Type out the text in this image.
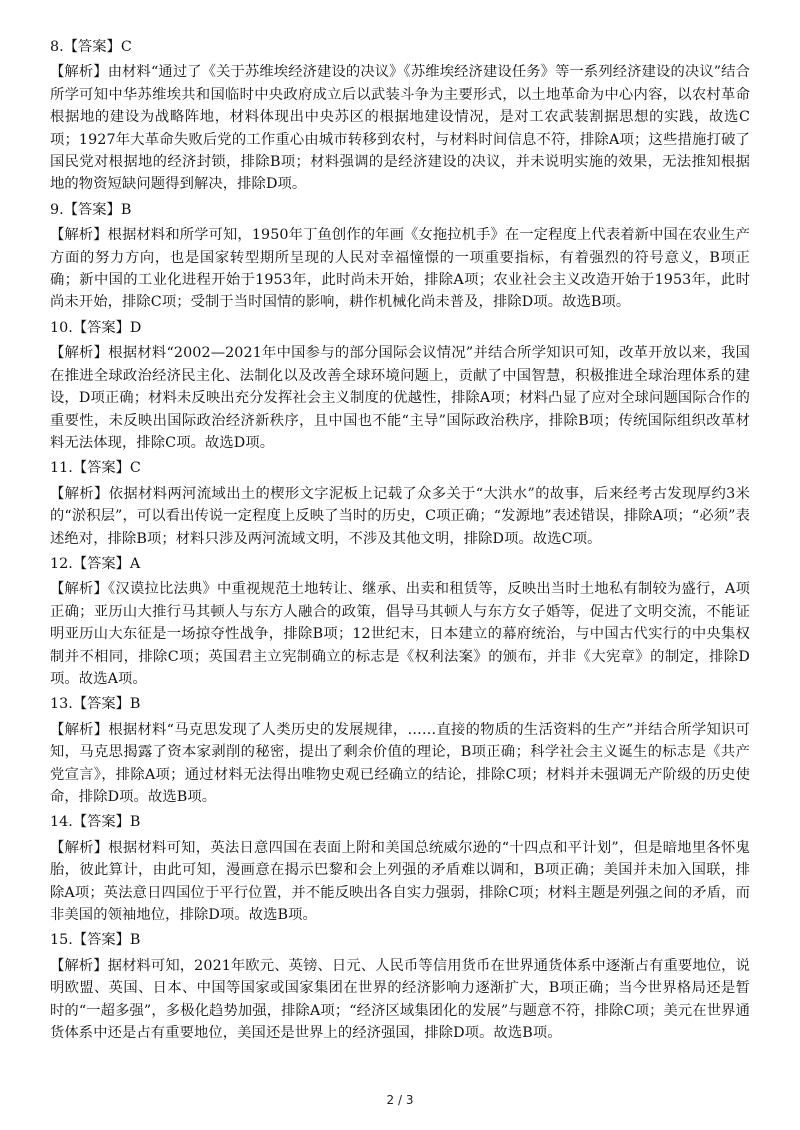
8.【答案】C

【解析】由材料“通过了《关于苏维埃经济建设的决议》《苏维埃经济建设任务》等一系列经济建设的决议”结合所学可知中华苏维埃共和国临时中央政府成立后以武装斗争为主要形式，以土地革命为中心内容，以农村革命根据地的建设为战略阵地，材料体现出中央苏区的根据地建设情况，是对工农武装割据思想的实践，故选C项；1927年大革命失败后党的工作重心由城市转移到农村，与材料时间信息不符，排除A项；这些措施打破了国民党对根据地的经济封锁，排除B项；材料强调的是经济建设的决议，并未说明实施的效果，无法推知根据地的物资短缺问题得到解决，排除D项。

9.【答案】B

【解析】根据材料和所学可知，1950年丁鱼创作的年画《女拖拉机手》在一定程度上代表着新中国在农业生产方面的努力方向，也是国家转型期所呈现的人民对幸福憧憬的一项重要指标，有着强烈的符号意义，B项正确；新中国的工业化进程开始于1953年，此时尚未开始，排除A项；农业社会主义改造开始于1953年，此时尚未开始，排除C项；受制于当时国情的影响，耕作机械化尚未普及，排除D项。故选B项。

10.【答案】D

【解析】根据材料“2002—2021年中国参与的部分国际会议情况”并结合所学知识可知，改革开放以来，我国在推进全球政治经济民主化、法制化以及改善全球环境问题上，贡献了中国智慧，积极推进全球治理体系的建设，D项正确；材料未反映出充分发挥社会主义制度的优越性，排除A项；材料凸显了应对全球问题国际合作的重要性，未反映出国际政治经济新秩序，且中国也不能“主导”国际政治秩序，排除B项；传统国际组织改革材料无法体现，排除C项。故选D项。

11.【答案】C

【解析】依据材料两河流域出土的楔形文字泥板上记载了众多关于“大洪水”的故事，后来经考古发现厚约3米的“淤积层”，可以看出传说一定程度上反映了当时的历史，C项正确；“发源地”表述错误，排除A项；“必须”表述绝对，排除B项；材料只涉及两河流域文明，不涉及其他文明，排除D项。故选C项。

12.【答案】A

【解析】《汉谟拉比法典》中重视规范土地转让、继承、出卖和租赁等，反映出当时土地私有制较为盛行，A项正确；亚历山大推行马其顿人与东方人融合的政策，倡导马其顿人与东方女子婚等，促进了文明交流，不能证明亚历山大东征是一场掠夺性战争，排除B项；12世纪末，日本建立的幕府统治，与中国古代实行的中央集权制并不相同，排除C项；英国君主立宪制确立的标志是《权利法案》的颁布，并非《大宪章》的制定，排除D项。故选A项。

13.【答案】B

【解析】根据材料“马克思发现了人类历史的发展规律，……直接的物质的生活资料的生产”并结合所学知识可知，马克思揭露了资本家剥削的秘密，提出了剩余价值的理论，B项正确；科学社会主义诞生的标志是《共产党宣言》，排除A项；通过材料无法得出唯物史观已经确立的结论，排除C项；材料并未强调无产阶级的历史使命，排除D项。故选B项。

14.【答案】B

【解析】根据材料可知，英法日意四国在表面上附和美国总统威尔逊的“十四点和平计划”，但是暗地里各怀鬼胎，彼此算计，由此可知，漫画意在揭示巴黎和会上列强的矛盾难以调和，B项正确；美国并未加入国联，排除A项；英法意日四国位于平行位置，并不能反映出各自实力强弱，排除C项；材料主题是列强之间的矛盾，而非美国的领袖地位，排除D项。故选B项。

15.【答案】B

【解析】据材料可知，2021年欧元、英镑、日元、人民币等信用货币在世界通货体系中逐渐占有重要地位，说明欧盟、英国、日本、中国等国家或国家集团在世界的经济影响力逐渐扩大，B项正确；当今世界格局还是暂时的“一超多强”，多极化趋势加强，排除A项；“经济区域集团化的发展”与题意不符，排除C项；美元在世界通货体系中还是占有重要地位，美国还是世界上的经济强国，排除D项。故选B项。

2 / 3
